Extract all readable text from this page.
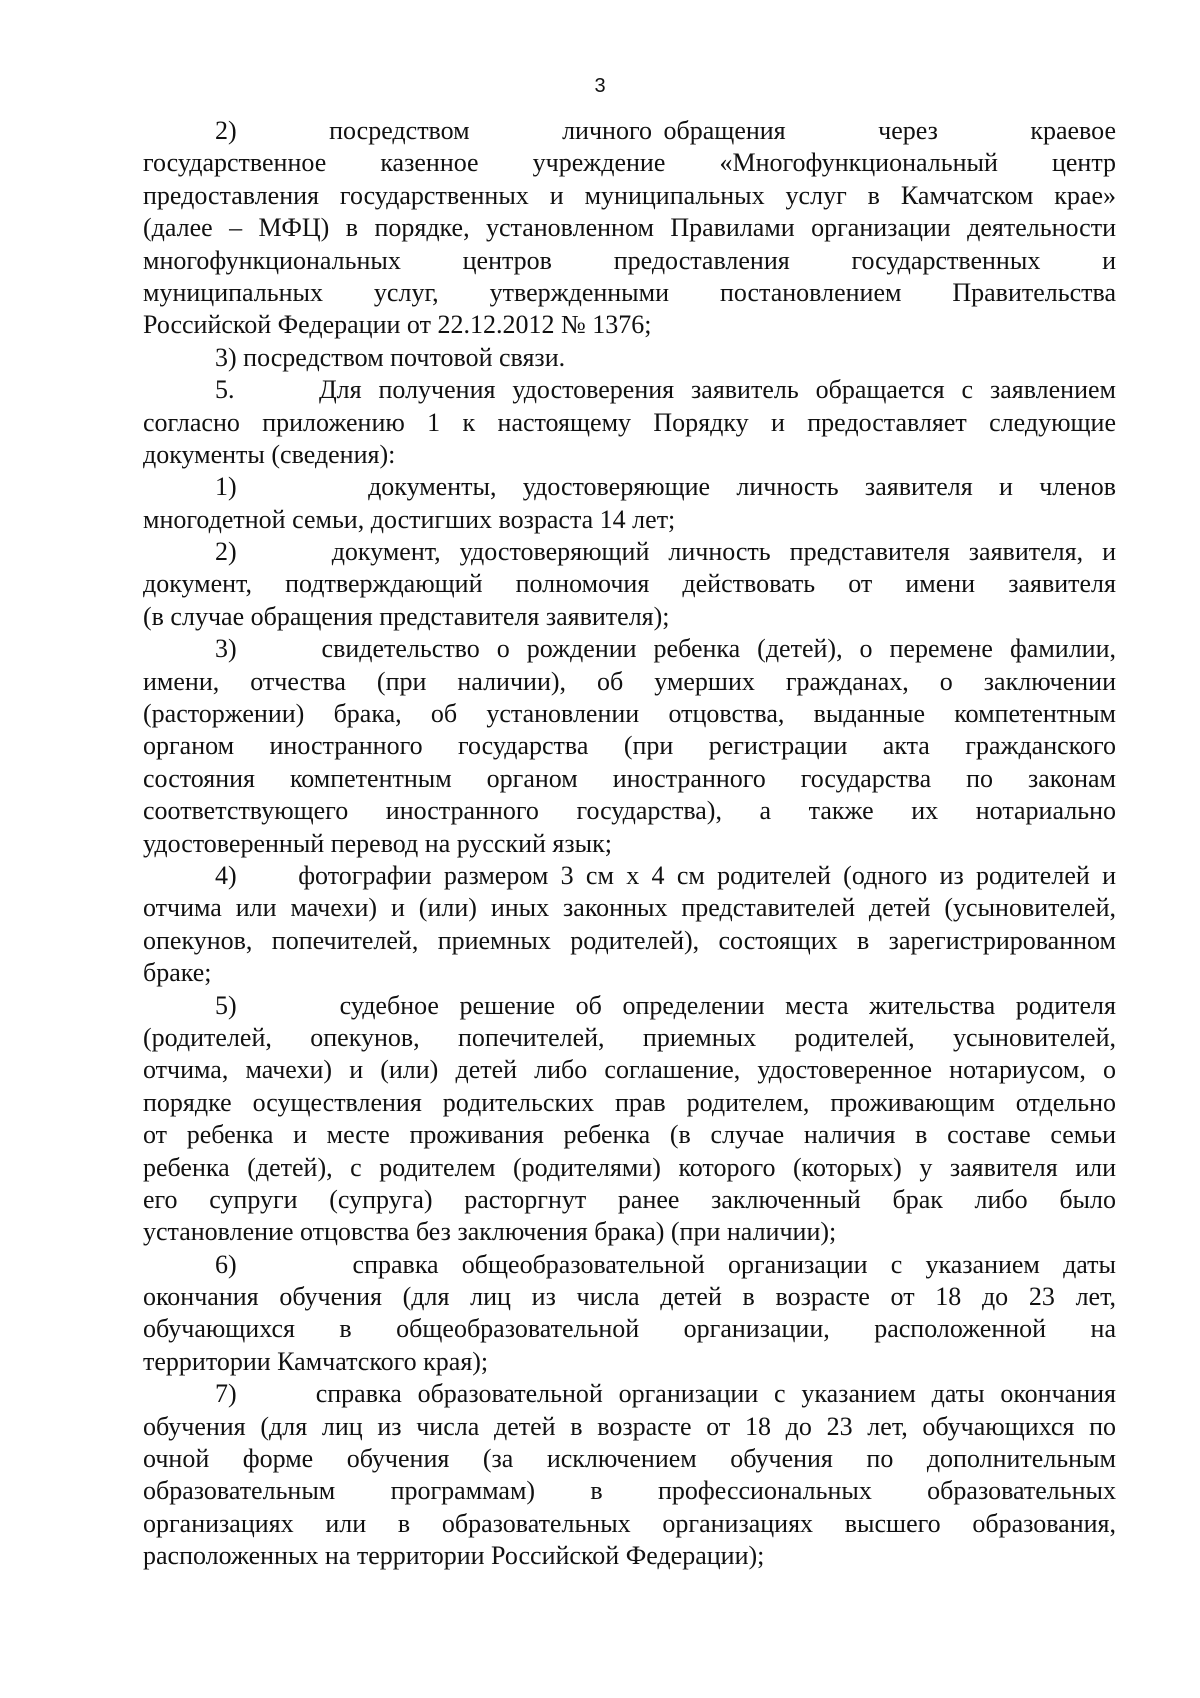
3
2)        посредством        личного обращения        через        краевое
государственное казенное учреждение «Многофункциональный центр
предоставления государственных и муниципальных услуг в Камчатском крае»
(далее – МФЦ) в порядке, установленном Правилами организации деятельности
многофункциональных центров предоставления государственных и
муниципальных услуг, утвержденными постановлением Правительства
Российской Федерации от 22.12.2012 № 1376;
3) посредством почтовой связи.
5.     Для получения удостоверения заявитель обращается с заявлением
согласно приложению 1 к настоящему Порядку и предоставляет следующие
документы (сведения):
1)     документы, удостоверяющие личность заявителя и членов
многодетной семьи, достигших возраста 14 лет;
2)     документ, удостоверяющий личность представителя заявителя, и
документ, подтверждающий полномочия действовать от имени заявителя
(в случае обращения представителя заявителя);
3)     свидетельство о рождении ребенка (детей), о перемене фамилии,
имени, отчества (при наличии), об умерших гражданах, о заключении
(расторжении) брака, об установлении отцовства, выданные компетентным
органом иностранного государства (при регистрации акта гражданского
состояния компетентным органом иностранного государства по законам
соответствующего иностранного государства), а также их нотариально
удостоверенный перевод на русский язык;
4)     фотографии размером 3 см х 4 см родителей (одного из родителей и
отчима или мачехи) и (или) иных законных представителей детей (усыновителей,
опекунов, попечителей, приемных родителей), состоящих в зарегистрированном
браке;
5)     судебное решение об определении места жительства родителя
(родителей, опекунов, попечителей, приемных родителей, усыновителей,
отчима, мачехи) и (или) детей либо соглашение, удостоверенное нотариусом, о
порядке осуществления родительских прав родителем, проживающим отдельно
от ребенка и месте проживания ребенка (в случае наличия в составе семьи
ребенка (детей), с родителем (родителями) которого (которых) у заявителя или
его супруги (супруга) расторгнут ранее заключенный брак либо было
установление отцовства без заключения брака) (при наличии);
6)     справка общеобразовательной организации с указанием даты
окончания обучения (для лиц из числа детей в возрасте от 18 до 23 лет,
обучающихся в общеобразовательной организации, расположенной на
территории Камчатского края);
7)     справка образовательной организации с указанием даты окончания
обучения (для лиц из числа детей в возрасте от 18 до 23 лет, обучающихся по
очной форме обучения (за исключением обучения по дополнительным
образовательным программам) в профессиональных образовательных
организациях или в образовательных организациях высшего образования,
расположенных на территории Российской Федерации);
